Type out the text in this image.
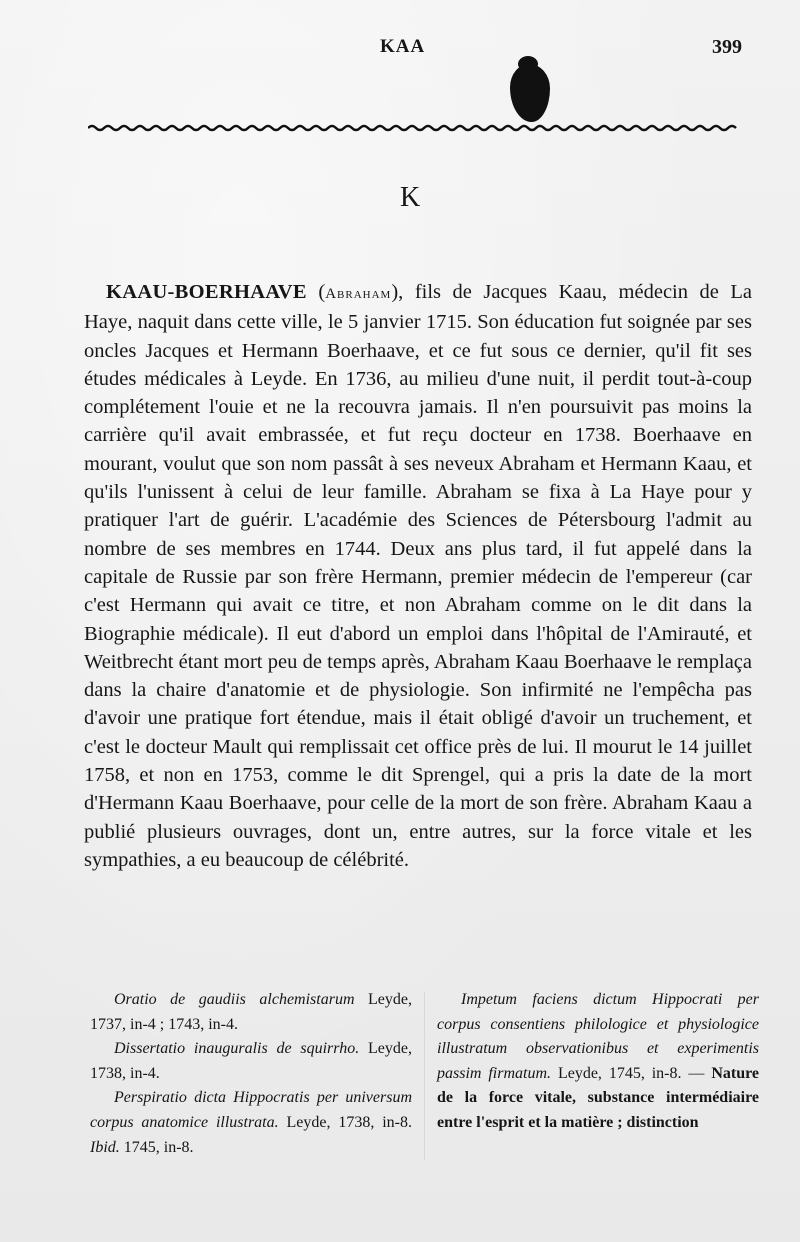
KAA	399
K

KAAU-BOERHAAVE (Abraham), fils de Jacques Kaau, médecin de La Haye, naquit dans cette ville, le 5 janvier 1715. Son éducation fut soignée par ses oncles Jacques et Hermann Boerhaave, et ce fut sous ce dernier, qu'il fit ses études médicales à Leyde. En 1736, au milieu d'une nuit, il perdit tout-à-coup complétement l'ouie et ne la recouvra jamais. Il n'en poursuivit pas moins la carrière qu'il avait embrassée, et fut reçu docteur en 1738. Boerhaave en mourant, voulut que son nom passât à ses neveux Abraham et Hermann Kaau, et qu'ils l'unissent à celui de leur famille. Abraham se fixa à La Haye pour y pratiquer l'art de guérir. L'académie des Sciences de Pétersbourg l'admit au nombre de ses membres en 1744. Deux ans plus tard, il fut appelé dans la capitale de Russie par son frère Hermann, premier médecin de l'empereur (car c'est Hermann qui avait ce titre, et non Abraham comme on le dit dans la Biographie médicale). Il eut d'abord un emploi dans l'hôpital de l'Amirauté, et Weitbrecht étant mort peu de temps après, Abraham Kaau Boerhaave le remplaça dans la chaire d'anatomie et de physiologie. Son infirmité ne l'empêcha pas d'avoir une pratique fort étendue, mais il était obligé d'avoir un truchement, et c'est le docteur Mault qui remplissait cet office près de lui. Il mourut le 14 juillet 1758, et non en 1753, comme le dit Sprengel, qui a pris la date de la mort d'Hermann Kaau Boerhaave, pour celle de la mort de son frère. Abraham Kaau a publié plusieurs ouvrages, dont un, entre autres, sur la force vitale et les sympathies, a eu beaucoup de célébrité.

Oratio de gaudiis alchemistarum Leyde, 1737, in-4 ; 1743, in-4.

Dissertatio inauguralis de squirrho. Leyde, 1738, in-4.

Perspiratio dicta Hippocratis per universum corpus anatomice illustrata. Leyde, 1738, in-8. Ibid. 1745, in-8.

Impetum faciens dictum Hippocrati per corpus consentiens philologice et physiologice illustratum observationibus et experimentis passim firmatum. Leyde, 1745, in-8. — Nature de la force vitale, substance intermédiaire entre l'esprit et la matière ; distinction
